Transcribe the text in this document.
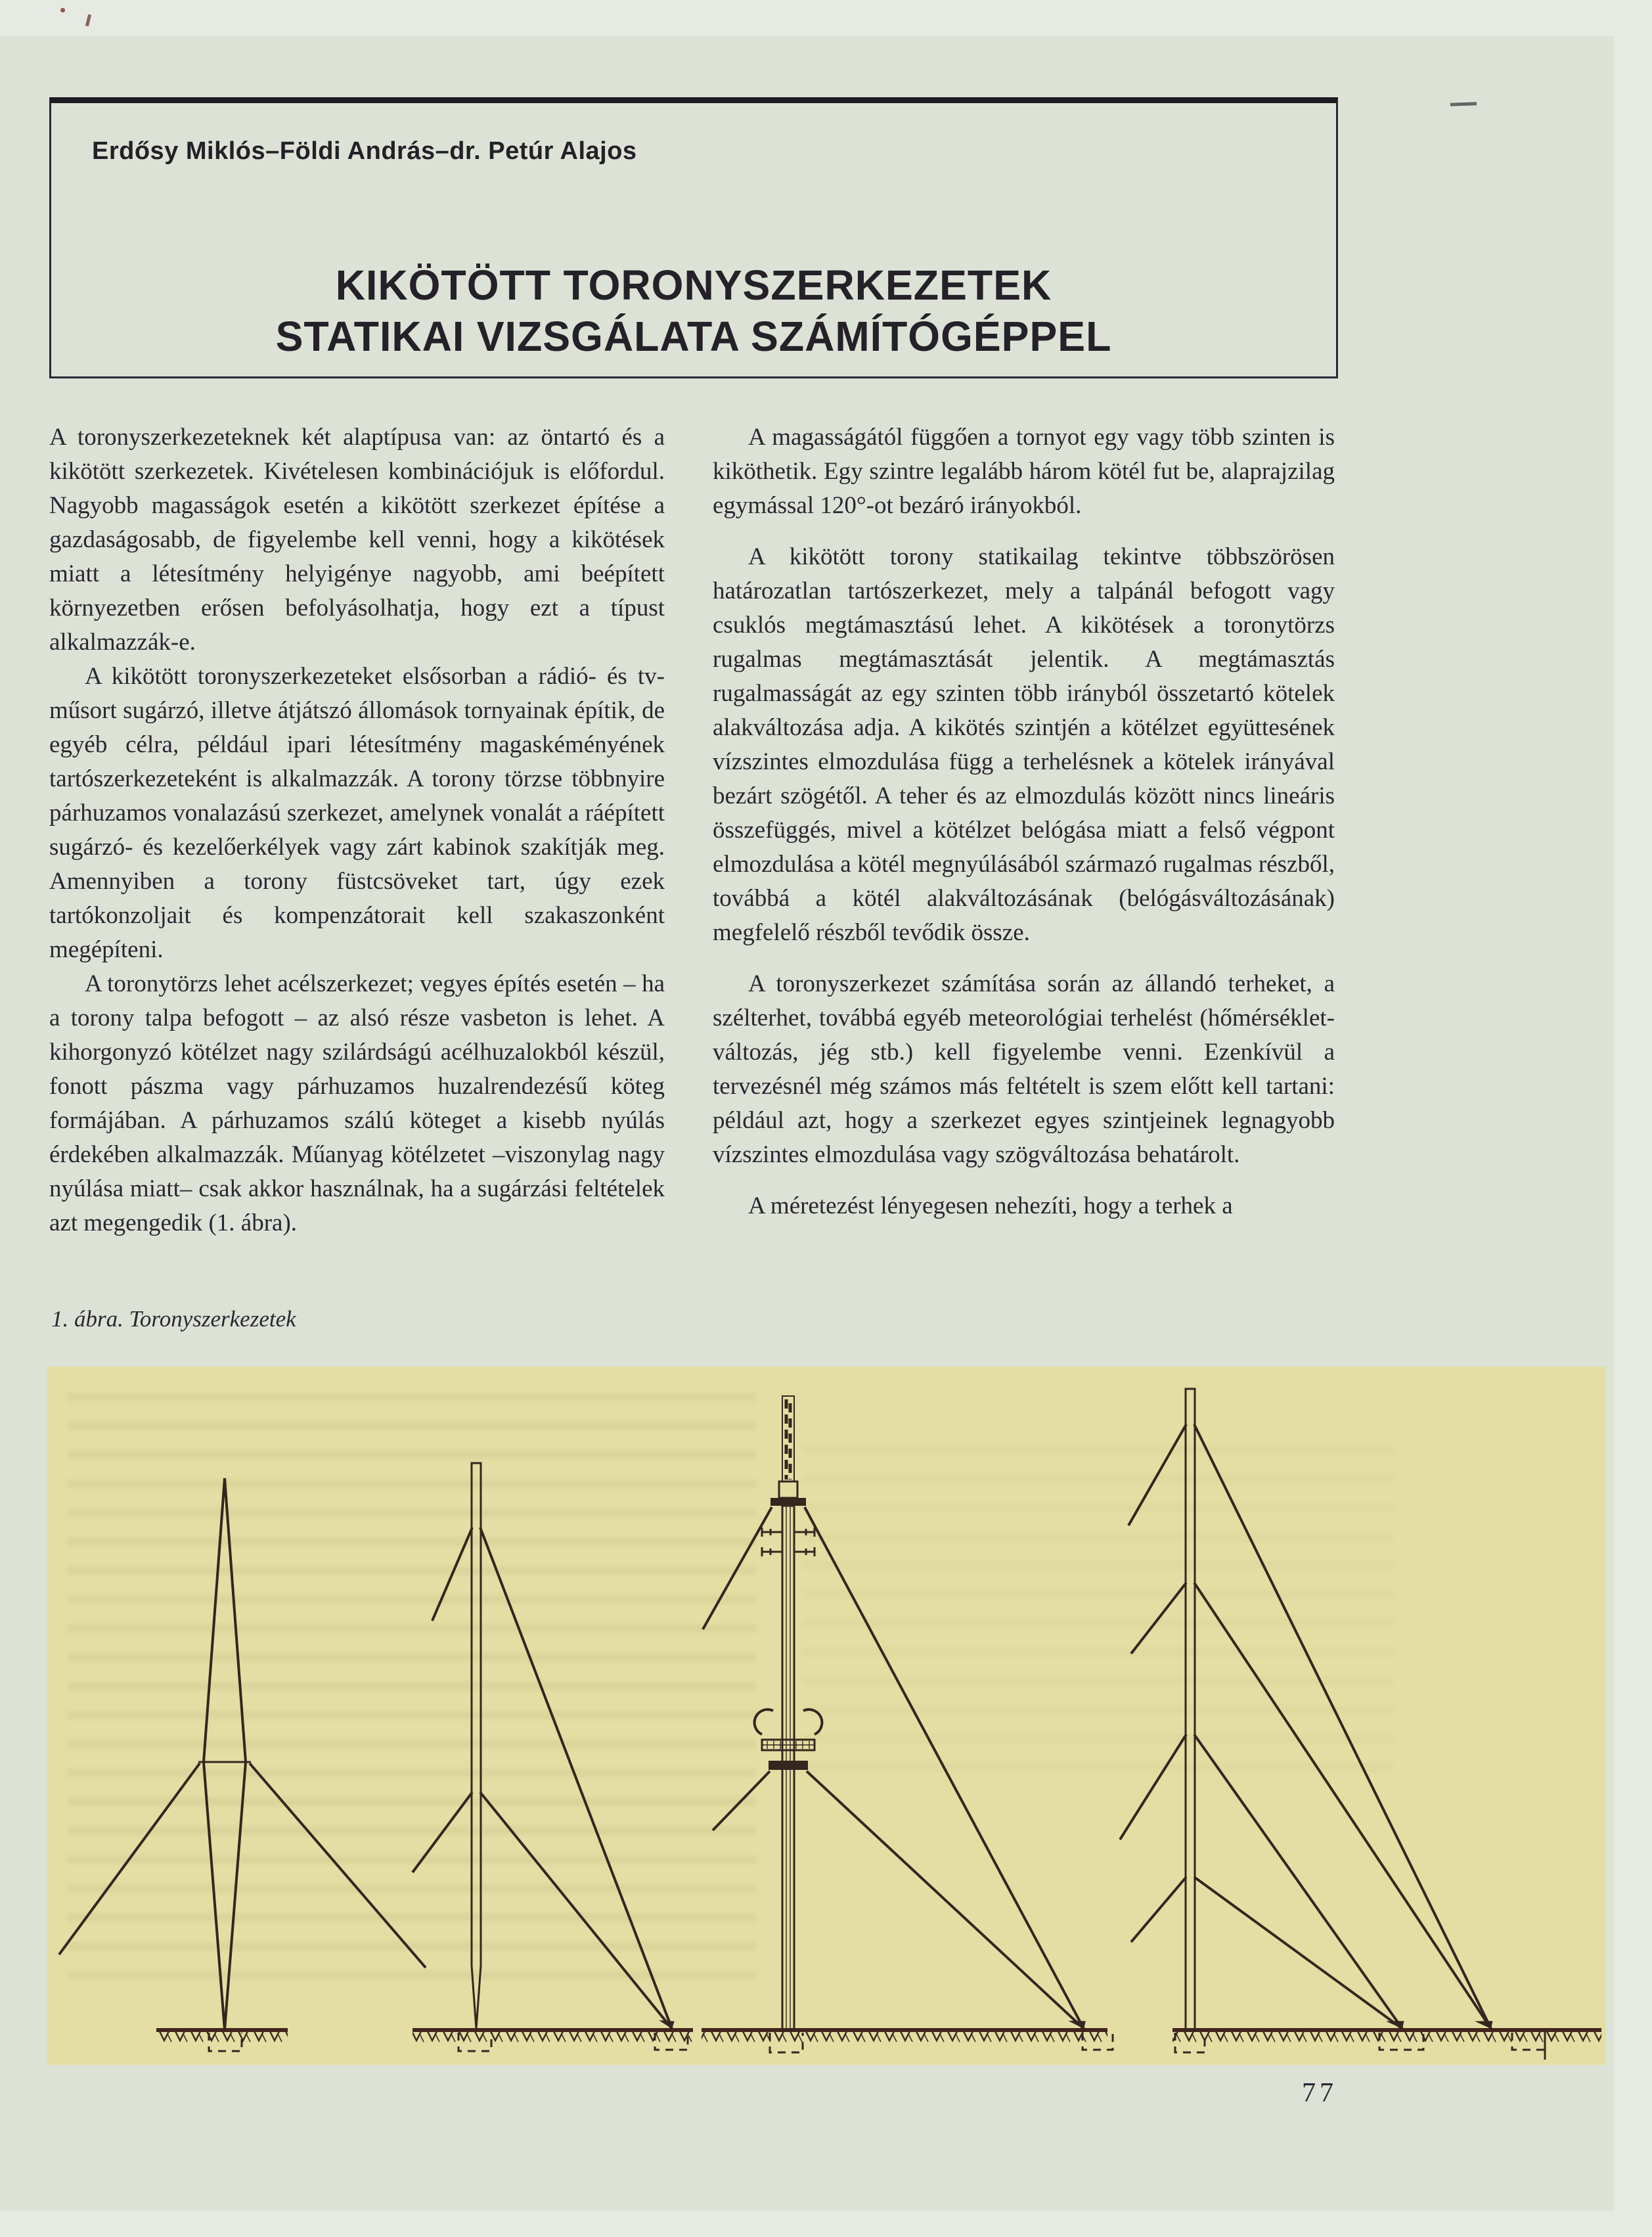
Erdősy Miklós–Földi András–dr. Petúr Alajos
KIKÖTÖTT TORONYSZERKEZETEK
STATIKAI VIZSGÁLATA SZÁMÍTÓGÉPPEL

A toronyszerkezeteknek két alaptípusa van: az öntartó és a kikötött szerkezetek. Kivételesen kombinációjuk is előfordul. Nagyobb magasságok esetén a kikötött szerkezet építése a gazdaságosabb, de figyelembe kell venni, hogy a kikötések miatt a létesítmény helyigénye nagyobb, ami beépített környezetben erősen befolyásolhatja, hogy ezt a típust alkalmazzák-e.

A kikötött toronyszerkezeteket elsősorban a rádió- és tv-műsort sugárzó, illetve átjátszó állomások tornyainak építik, de egyéb célra, például ipari létesítmény magaskéményének tartószerkezeteként is alkalmazzák. A torony törzse többnyire párhuzamos vonalazású szerkezet, amelynek vonalát a ráépített sugárzó- és kezelőerkélyek vagy zárt kabinok szakítják meg. Amennyiben a torony füstcsöveket tart, úgy ezek tartókonzoljait és kompenzátorait kell szakaszonként megépíteni.

A toronytörzs lehet acélszerkezet; vegyes építés esetén – ha a torony talpa befogott – az alsó része vasbeton is lehet. A kihorgonyzó kötélzet nagy szilárdságú acélhuzalokból készül, fonott pászma vagy párhuzamos huzalrendezésű köteg formájában. A párhuzamos szálú köteget a kisebb nyúlás érdekében alkalmazzák. Műanyag kötélzetet –viszonylag nagy nyúlása miatt– csak akkor használnak, ha a sugárzási feltételek azt megengedik (1. ábra).

A magasságától függően a tornyot egy vagy több szinten is kiköthetik. Egy szintre legalább három kötél fut be, alaprajzilag egymással 120°-ot bezáró irányokból.

A kikötött torony statikailag tekintve többszörösen határozatlan tartószerkezet, mely a talpánál befogott vagy csuklós megtámasztású lehet. A kikötések a toronytörzs rugalmas megtámasztását jelentik. A megtámasztás rugalmasságát az egy szinten több irányból összetartó kötelek alakváltozása adja. A kikötés szintjén a kötélzet együttesének vízszintes elmozdulása függ a terhelésnek a kötelek irányával bezárt szögétől. A teher és az elmozdulás között nincs lineáris összefüggés, mivel a kötélzet belógása miatt a felső végpont elmozdulása a kötél megnyúlásából származó rugalmas részből, továbbá a kötél alakváltozásának (belógásváltozásának) megfelelő részből tevődik össze.

A toronyszerkezet számítása során az állandó terheket, a szélterhet, továbbá egyéb meteorológiai terhelést (hőmérséklet-változás, jég stb.) kell figyelembe venni. Ezenkívül a tervezésnél még számos más feltételt is szem előtt kell tartani: például azt, hogy a szerkezet egyes szintjeinek legnagyobb vízszintes elmozdulása vagy szögváltozása behatárolt.

A méretezést lényegesen nehezíti, hogy a terhek a

1. ábra. Toronyszerkezetek
77
